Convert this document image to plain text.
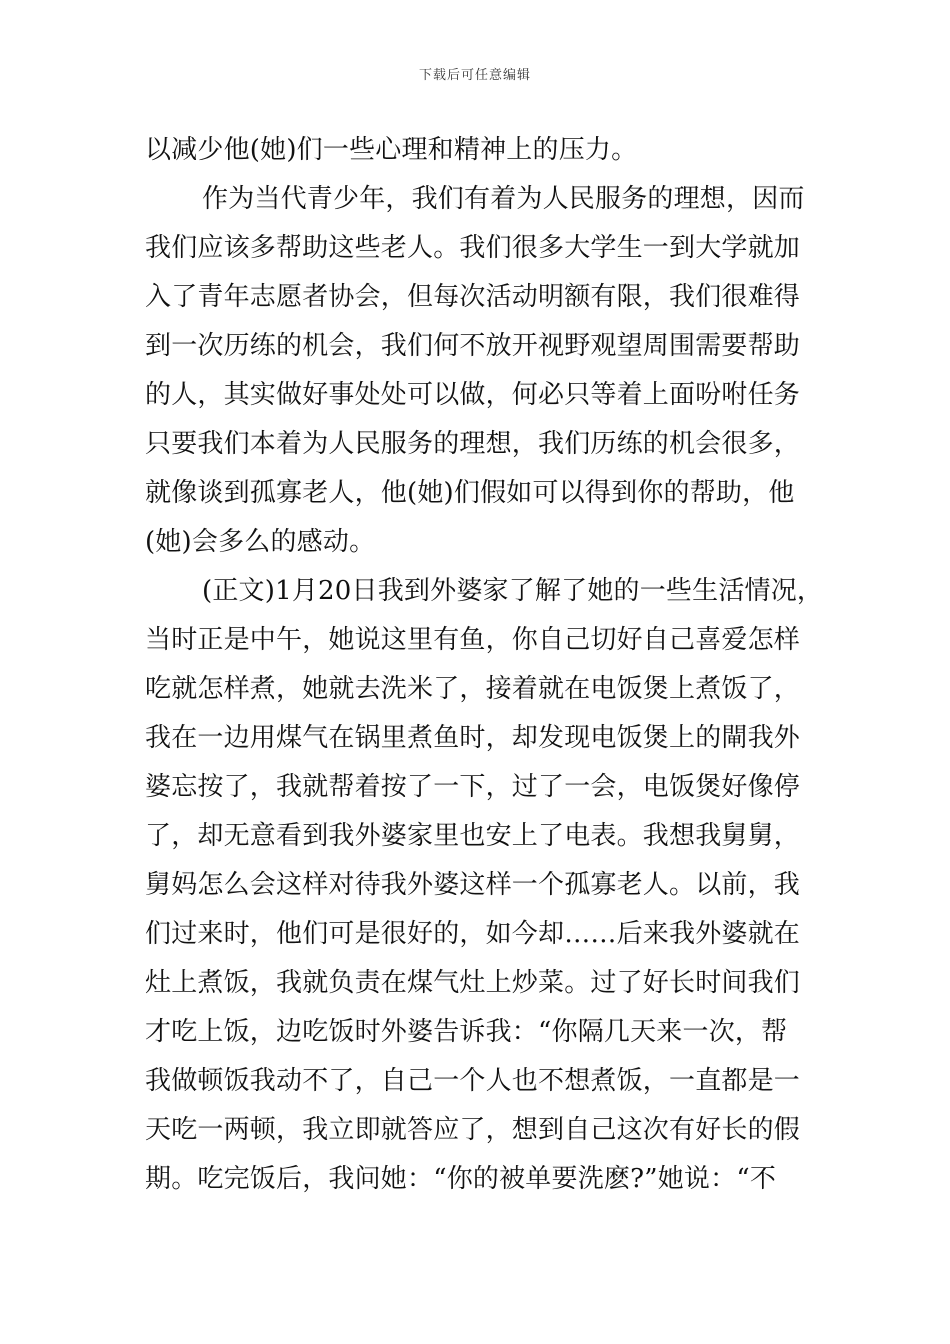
下载后可任意编辑
以减少他(她)们一些心理和精神上的压力。
作为当代青少年，我们有着为人民服务的理想，因而
我们应该多帮助这些老人。我们很多大学生一到大学就加
入了青年志愿者协会，但每次活动明额有限，我们很难得
到一次历练的机会，我们何不放开视野观望周围需要帮助
的人，其实做好事处处可以做，何必只等着上面吩咐任务
只要我们本着为人民服务的理想，我们历练的机会很多，
就像谈到孤寡老人，他(她)们假如可以得到你的帮助，他
(她)会多么的感动。
(正文)1月20日我到外婆家了解了她的一些生活情况，
当时正是中午，她说这里有鱼，你自己切好自己喜爱怎样
吃就怎样煮，她就去洗米了，接着就在电饭煲上煮饭了，
我在一边用煤气在锅里煮鱼时，却发现电饭煲上的閘我外
婆忘按了，我就帮着按了一下，过了一会，电饭煲好像停
了，却无意看到我外婆家里也安上了电表。我想我舅舅，
舅妈怎么会这样对待我外婆这样一个孤寡老人。以前，我
们过来时，他们可是很好的，如今却……后来我外婆就在
灶上煮饭，我就负责在煤气灶上炒菜。过了好长时间我们
才吃上饭，边吃饭时外婆告诉我：“你隔几天来一次，帮
我做顿饭我动不了，自己一个人也不想煮饭，一直都是一
天吃一两顿，我立即就答应了，想到自己这次有好长的假
期。吃完饭后，我问她：“你的被单要洗麽?”她说：“不
